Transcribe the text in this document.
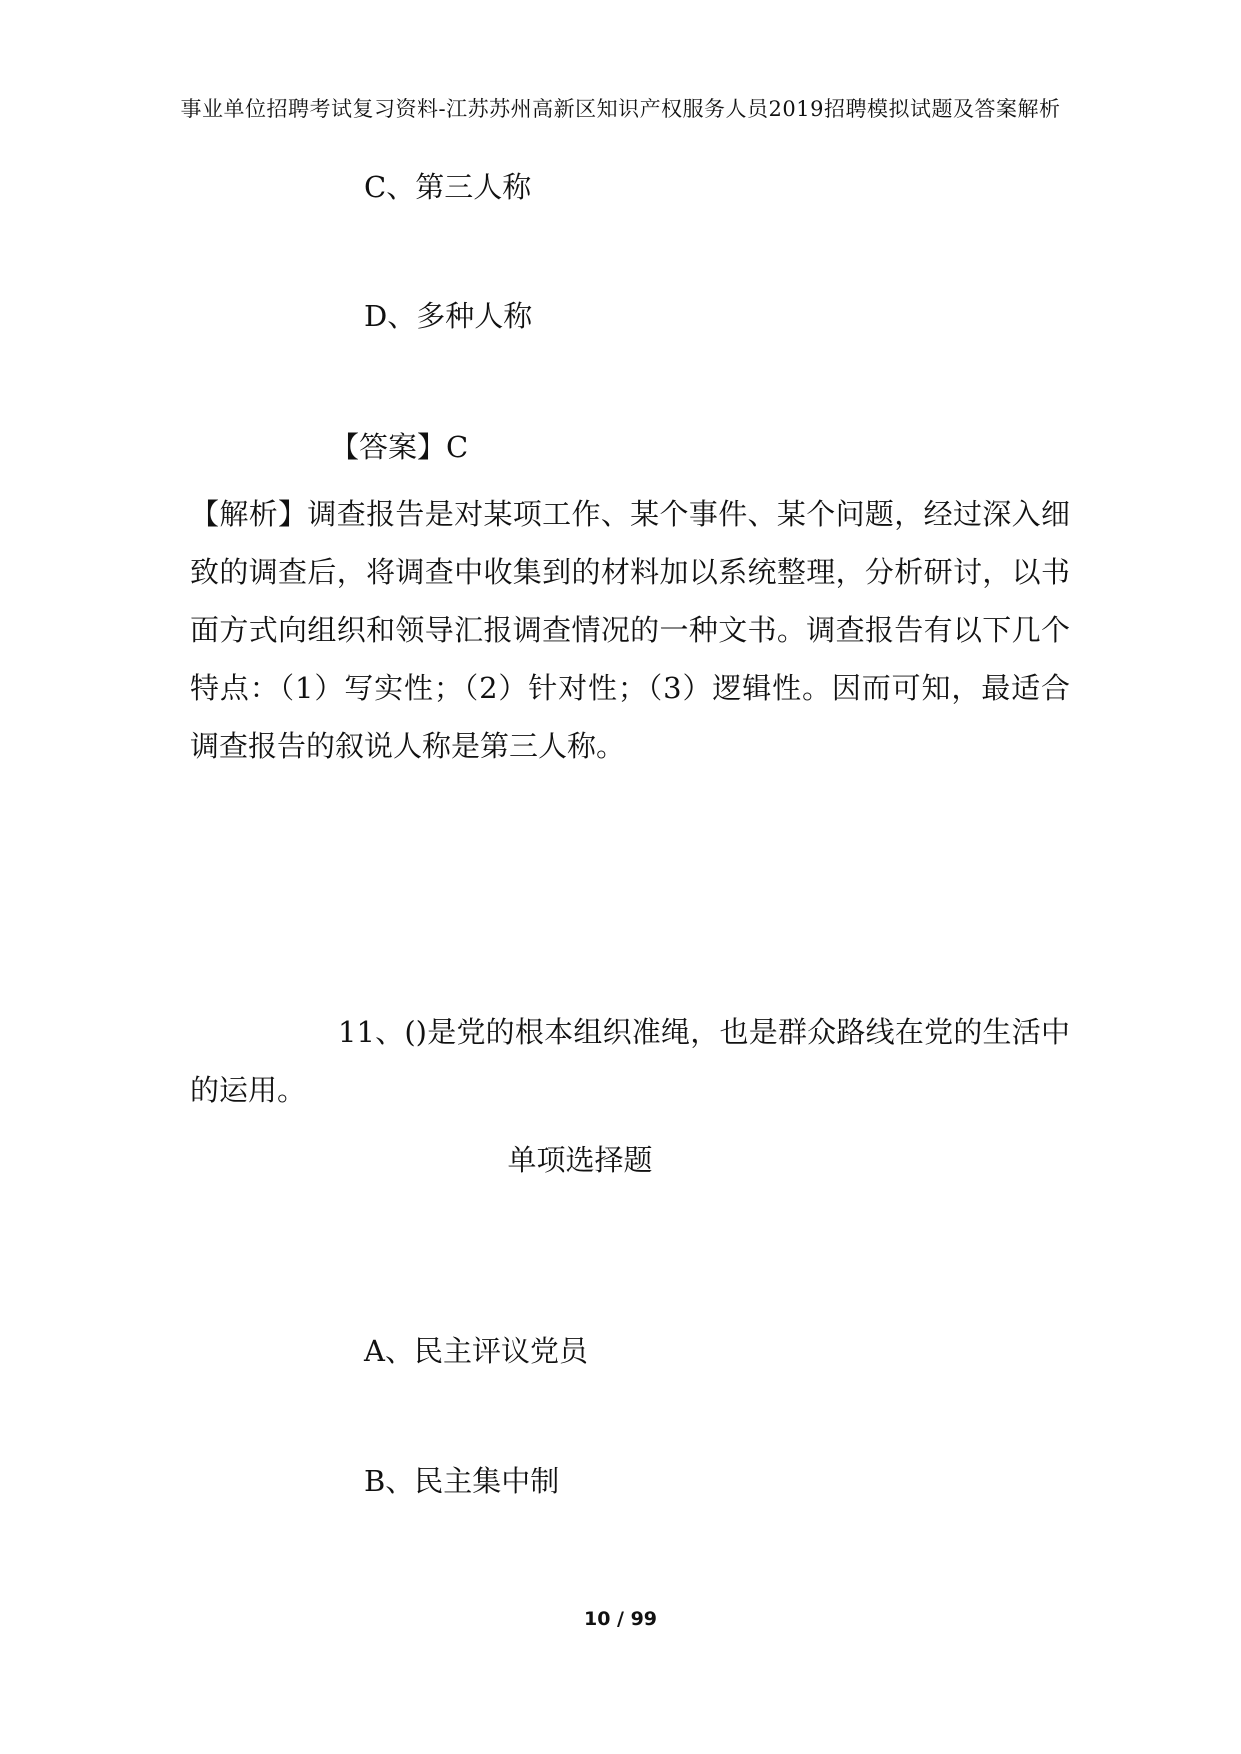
事业单位招聘考试复习资料-江苏苏州高新区知识产权服务人员2019招聘模拟试题及答案解析
C、第三人称
D、多种人称
【答案】C
【解析】调查报告是对某项工作、某个事件、某个问题，经过深入细致的调查后，将调查中收集到的材料加以系统整理，分析研讨，以书面方式向组织和领导汇报调查情况的一种文书。调查报告有以下几个特点：（1）写实性；（2）针对性；（3）逻辑性。因而可知，最适合调查报告的叙说人称是第三人称。
11、()是党的根本组织准绳，也是群众路线在党的生活中的运用。
单项选择题
A、民主评议党员
B、民主集中制
10 / 99
